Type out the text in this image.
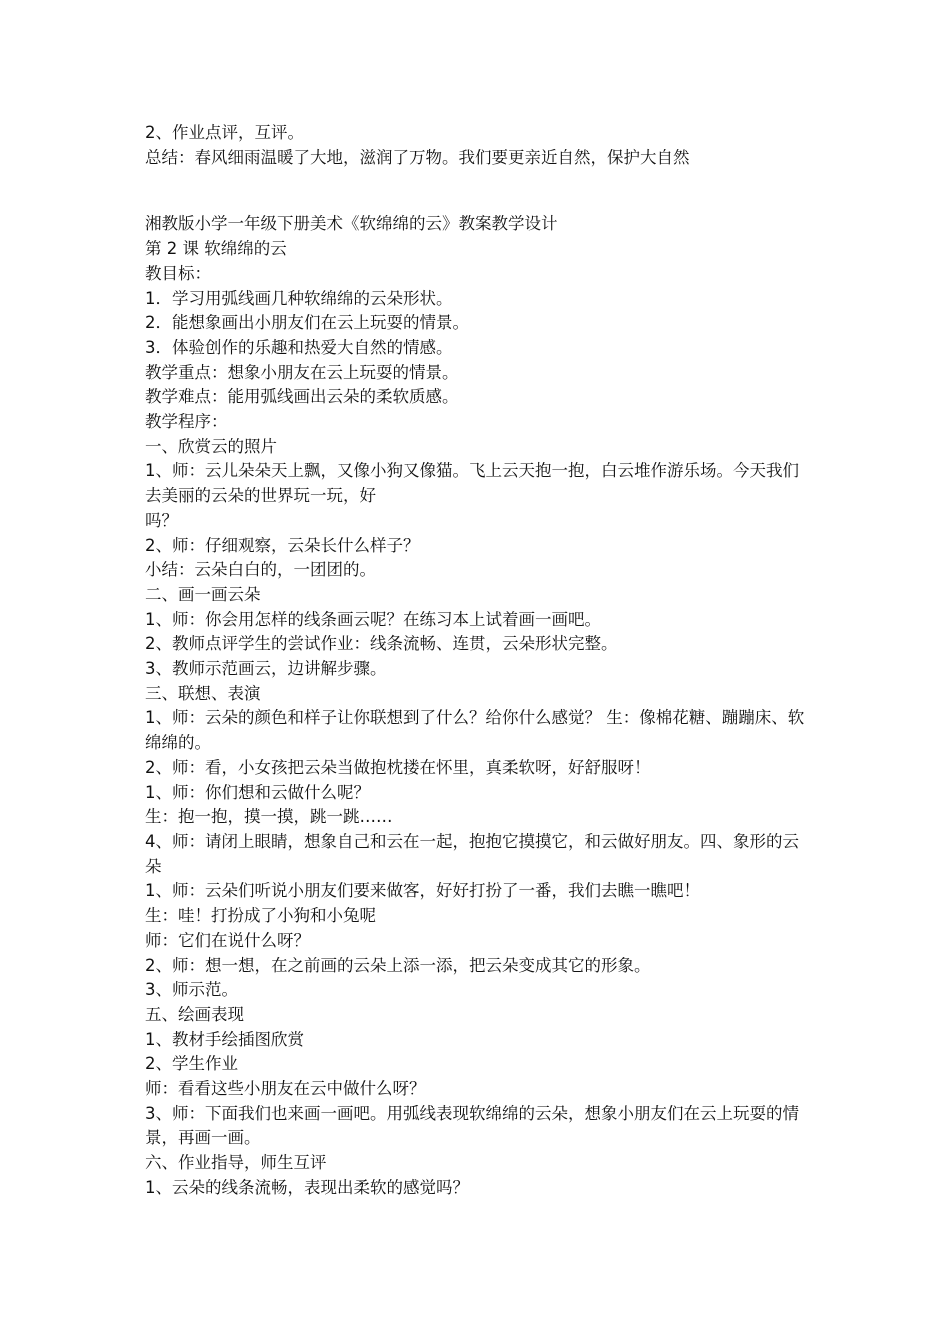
2、作业点评，互评。

总结：春风细雨温暖了大地，滋润了万物。我们要更亲近自然，保护大自然

湘教版小学一年级下册美术《软绵绵的云》教案教学设计

第 2 课 软绵绵的云

教目标：

1．学习用弧线画几种软绵绵的云朵形状。

2．能想象画出小朋友们在云上玩耍的情景。

3．体验创作的乐趣和热爱大自然的情感。

教学重点：想象小朋友在云上玩耍的情景。

教学难点：能用弧线画出云朵的柔软质感。

教学程序：

一、欣赏云的照片

1、师：云儿朵朵天上飘，又像小狗又像猫。飞上云天抱一抱，白云堆作游乐场。今天我们去美丽的云朵的世界玩一玩，好

吗？

2、师：仔细观察，云朵长什么样子？

小结：云朵白白的，一团团的。

二、画一画云朵

1、师：你会用怎样的线条画云呢？在练习本上试着画一画吧。

2、教师点评学生的尝试作业：线条流畅、连贯，云朵形状完整。

3、教师示范画云，边讲解步骤。

三、联想、表演

1、师：云朵的颜色和样子让你联想到了什么？给你什么感觉？ 生：像棉花糖、蹦蹦床、软绵绵的。

2、师：看，小女孩把云朵当做抱枕搂在怀里，真柔软呀，好舒服呀！

1、师：你们想和云做什么呢？

生：抱一抱，摸一摸，跳一跳……

4、师：请闭上眼睛，想象自己和云在一起，抱抱它摸摸它，和云做好朋友。四、象形的云朵

1、师：云朵们听说小朋友们要来做客，好好打扮了一番，我们去瞧一瞧吧！

生：哇！打扮成了小狗和小兔呢

师：它们在说什么呀？

2、师：想一想，在之前画的云朵上添一添，把云朵变成其它的形象。

3、师示范。

五、绘画表现

1、教材手绘插图欣赏

2、学生作业

师：看看这些小朋友在云中做什么呀？

3、师：下面我们也来画一画吧。用弧线表现软绵绵的云朵，想象小朋友们在云上玩耍的情景，再画一画。

六、作业指导，师生互评

1、云朵的线条流畅，表现出柔软的感觉吗？
